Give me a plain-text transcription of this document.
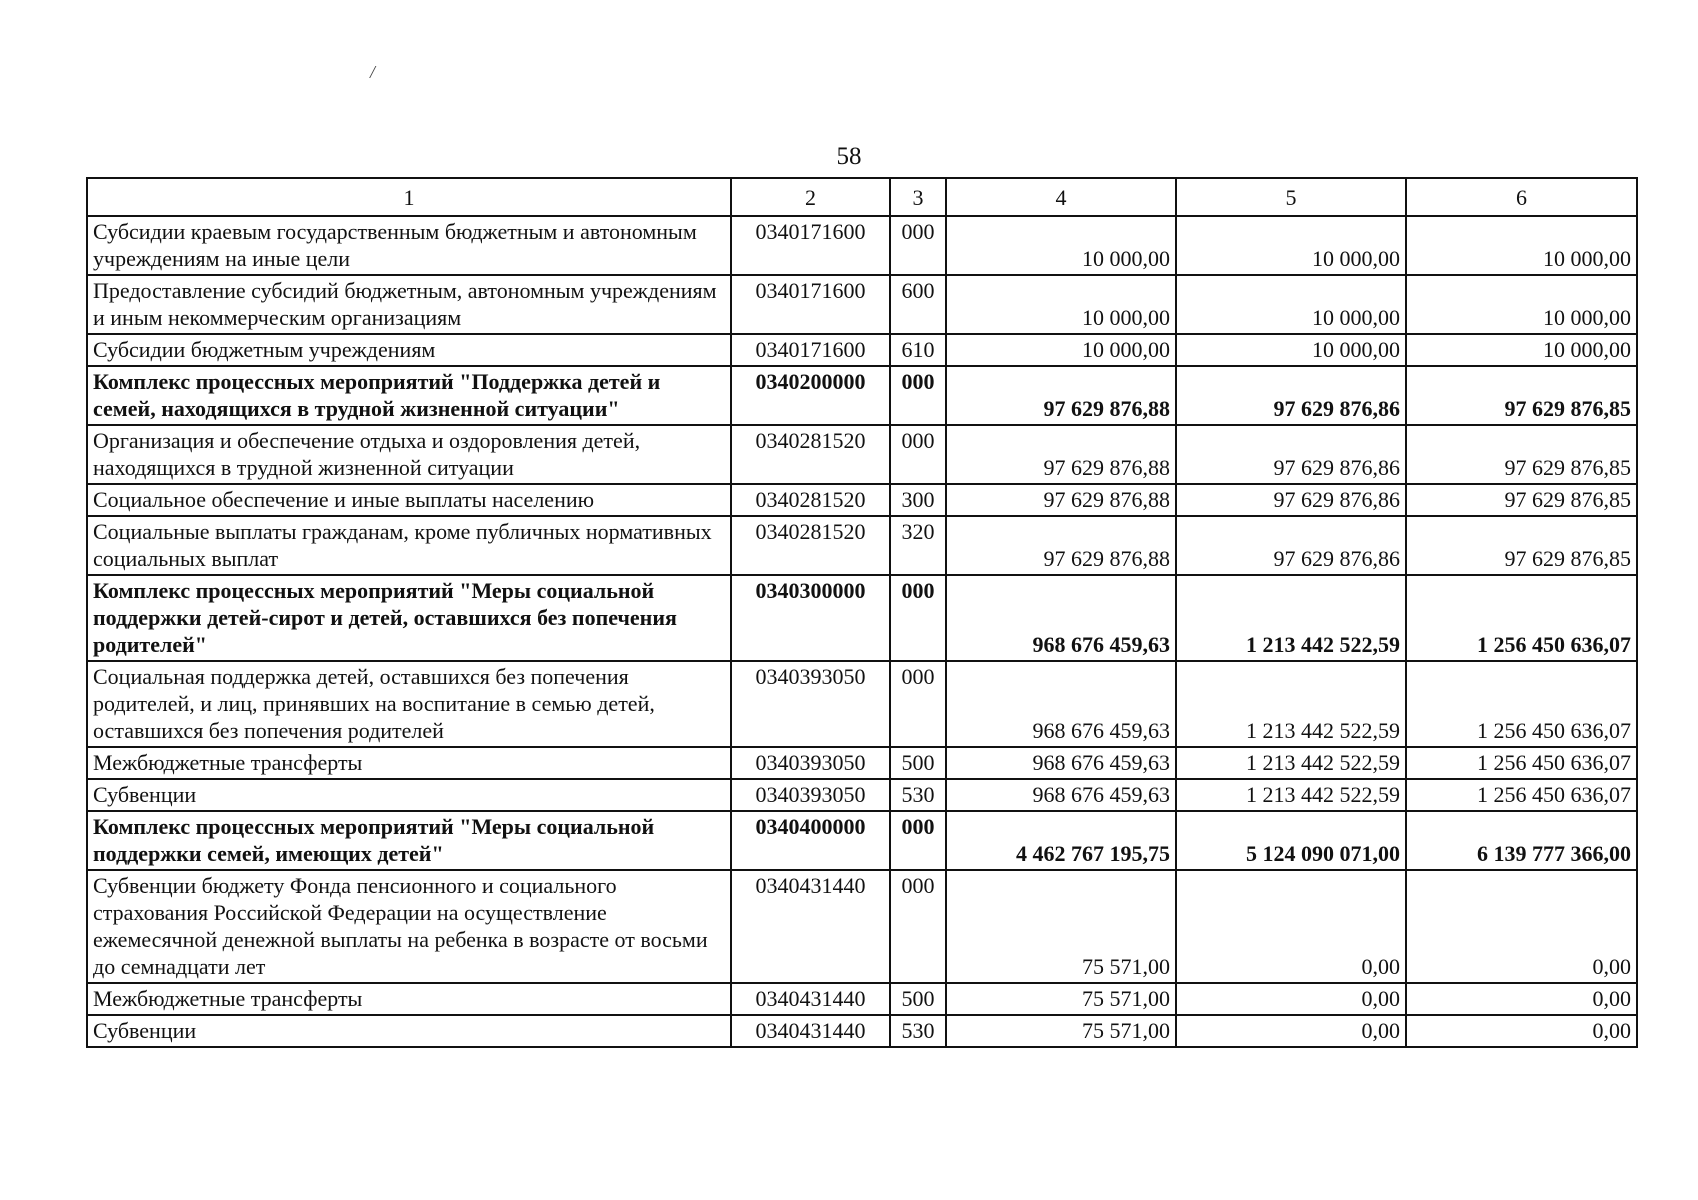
/
58
1	2	3	4	5	6
Субсидии краевым государственным бюджетным и автономным учреждениям на иные цели	0340171600	000	10 000,00	10 000,00	10 000,00
Предоставление субсидий бюджетным, автономным учреждениям и иным некоммерческим организациям	0340171600	600	10 000,00	10 000,00	10 000,00
Субсидии бюджетным учреждениям	0340171600	610	10 000,00	10 000,00	10 000,00
Комплекс процессных мероприятий "Поддержка детей и семей, находящихся в трудной жизненной ситуации"	0340200000	000	97 629 876,88	97 629 876,86	97 629 876,85
Организация и обеспечение отдыха и оздоровления детей, находящихся в трудной жизненной ситуации	0340281520	000	97 629 876,88	97 629 876,86	97 629 876,85
Социальное обеспечение и иные выплаты населению	0340281520	300	97 629 876,88	97 629 876,86	97 629 876,85
Социальные выплаты гражданам, кроме публичных нормативных социальных выплат	0340281520	320	97 629 876,88	97 629 876,86	97 629 876,85
Комплекс процессных мероприятий "Меры социальной поддержки детей-сирот и детей, оставшихся без попечения родителей"	0340300000	000	968 676 459,63	1 213 442 522,59	1 256 450 636,07
Социальная поддержка детей, оставшихся без попечения родителей, и лиц, принявших на воспитание в семью детей, оставшихся без попечения родителей	0340393050	000	968 676 459,63	1 213 442 522,59	1 256 450 636,07
Межбюджетные трансферты	0340393050	500	968 676 459,63	1 213 442 522,59	1 256 450 636,07
Субвенции	0340393050	530	968 676 459,63	1 213 442 522,59	1 256 450 636,07
Комплекс процессных мероприятий "Меры социальной поддержки семей, имеющих детей"	0340400000	000	4 462 767 195,75	5 124 090 071,00	6 139 777 366,00
Субвенции бюджету Фонда пенсионного и социального страхования Российской Федерации на осуществление ежемесячной денежной выплаты на ребенка в возрасте от восьми до семнадцати лет	0340431440	000	75 571,00	0,00	0,00
Межбюджетные трансферты	0340431440	500	75 571,00	0,00	0,00
Субвенции	0340431440	530	75 571,00	0,00	0,00
